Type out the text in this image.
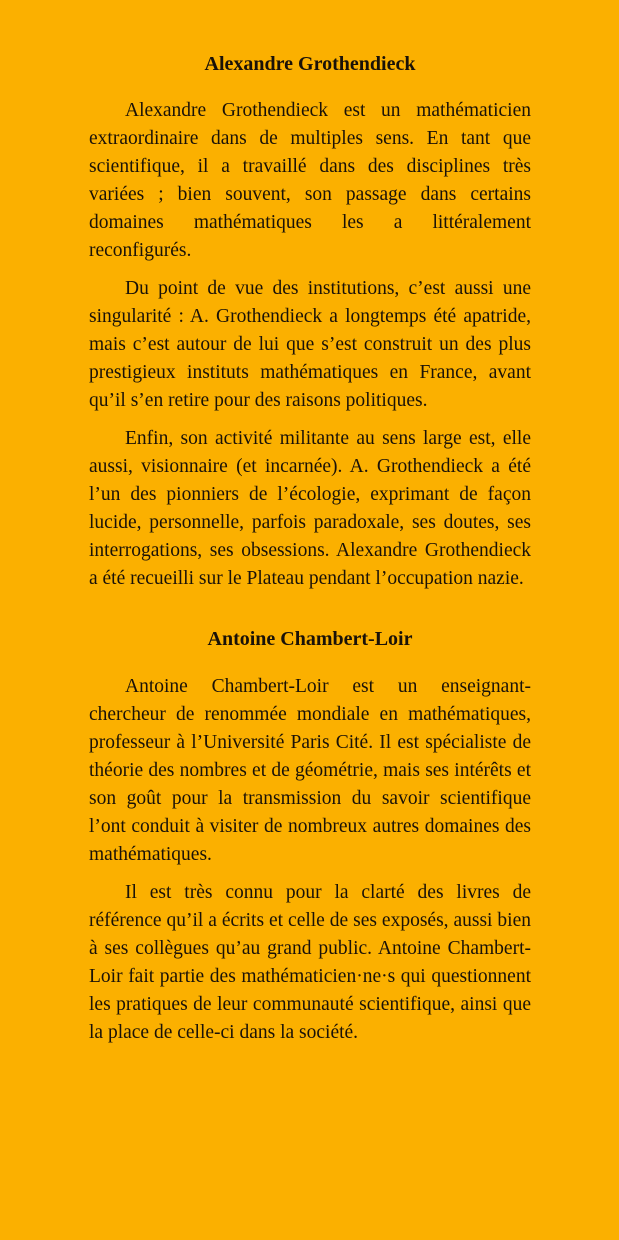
Alexandre Grothendieck

Alexandre Grothendieck est un mathématicien extraordinaire dans de multiples sens. En tant que scientifique, il a travaillé dans des disciplines très variées ; bien souvent, son passage dans certains domaines mathématiques les a littéralement reconfigurés.

Du point de vue des institutions, c’est aussi une singularité : A. Grothendieck a longtemps été apatride, mais c’est autour de lui que s’est construit un des plus prestigieux instituts mathématiques en France, avant qu’il s’en retire pour des raisons politiques.

Enfin, son activité militante au sens large est, elle aussi, visionnaire (et incarnée). A. Grothendieck a été l’un des pionniers de l’écologie, exprimant de façon lucide, personnelle, parfois paradoxale, ses doutes, ses interrogations, ses obsessions. Alexandre Grothendieck a été recueilli sur le Plateau pendant l’occupation nazie.

Antoine Chambert-Loir

Antoine Chambert-Loir est un enseignant-chercheur de renommée mondiale en mathématiques, professeur à l’Université Paris Cité. Il est spécialiste de théorie des nombres et de géométrie, mais ses intérêts et son goût pour la transmission du savoir scientifique l’ont conduit à visiter de nombreux autres domaines des mathématiques.

Il est très connu pour la clarté des livres de référence qu’il a écrits et celle de ses exposés, aussi bien à ses collègues qu’au grand public. Antoine Chambert-Loir fait partie des mathématicien·ne·s qui questionnent les pratiques de leur communauté scientifique, ainsi que la place de celle-ci dans la société.
